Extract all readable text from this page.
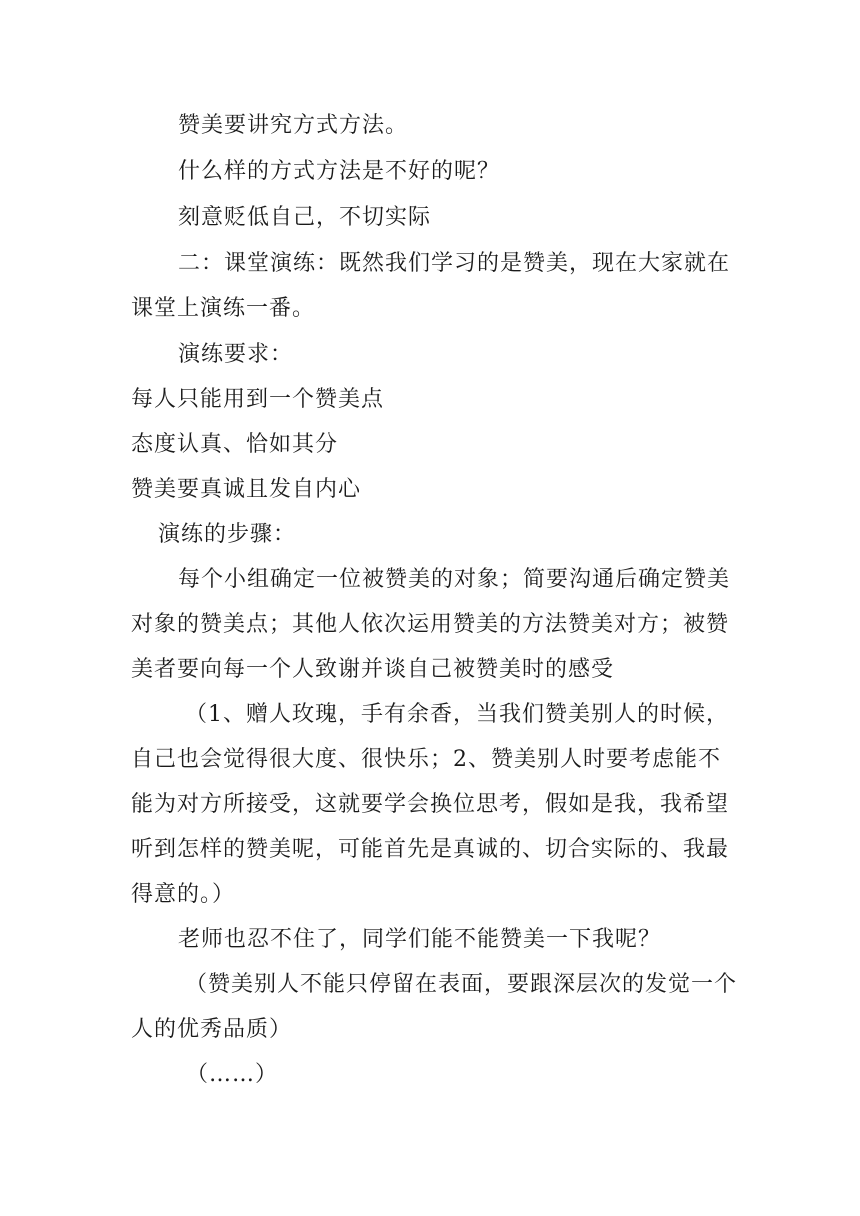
赞美要讲究方式方法。
什么样的方式方法是不好的呢？
刻意贬低自己，不切实际
二：课堂演练：既然我们学习的是赞美，现在大家就在
课堂上演练一番。
演练要求：
每人只能用到一个赞美点
态度认真、恰如其分
赞美要真诚且发自内心
演练的步骤：
每个小组确定一位被赞美的对象；简要沟通后确定赞美
对象的赞美点；其他人依次运用赞美的方法赞美对方；被赞
美者要向每一个人致谢并谈自己被赞美时的感受
（1、赠人玫瑰，手有余香，当我们赞美别人的时候，
自己也会觉得很大度、很快乐；2、赞美别人时要考虑能不
能为对方所接受，这就要学会换位思考，假如是我，我希望
听到怎样的赞美呢，可能首先是真诚的、切合实际的、我最
得意的。）
老师也忍不住了，同学们能不能赞美一下我呢？
（赞美别人不能只停留在表面，要跟深层次的发觉一个
人的优秀品质）
（……）
